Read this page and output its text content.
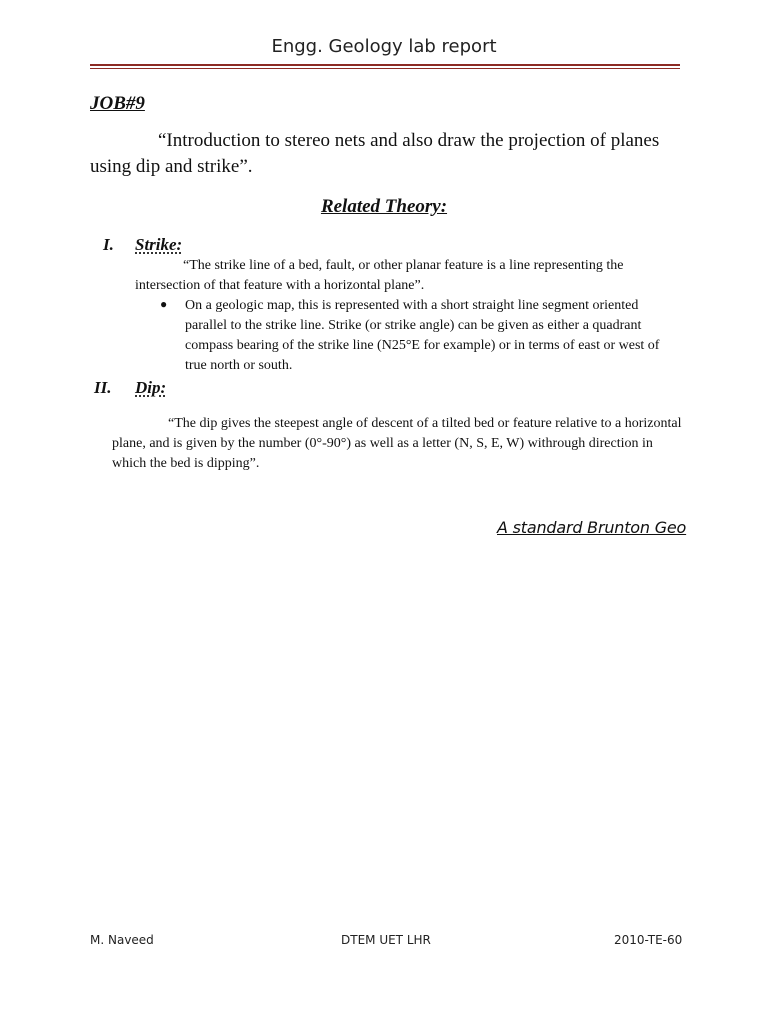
Engg. Geology lab report
JOB#9
“Introduction to stereo nets and also draw the projection of planes using dip and strike”.
Related Theory:
I. Strike:
“The strike line of a bed, fault, or other planar feature is a line representing the intersection of that feature with a horizontal plane”.
● On a geologic map, this is represented with a short straight line segment oriented parallel to the strike line. Strike (or strike angle) can be given as either a quadrant compass bearing of the strike line (N25°E for example) or in terms of east or west of true north or south.
II. Dip:
“The dip gives the steepest angle of descent of a tilted bed or feature relative to a horizontal plane, and is given by the number (0°-90°) as well as a letter (N, S, E, W) withrough direction in which the bed is dipping”.
A standard Brunton Geo
M. Naveed	DTEM UET LHR	2010-TE-60
